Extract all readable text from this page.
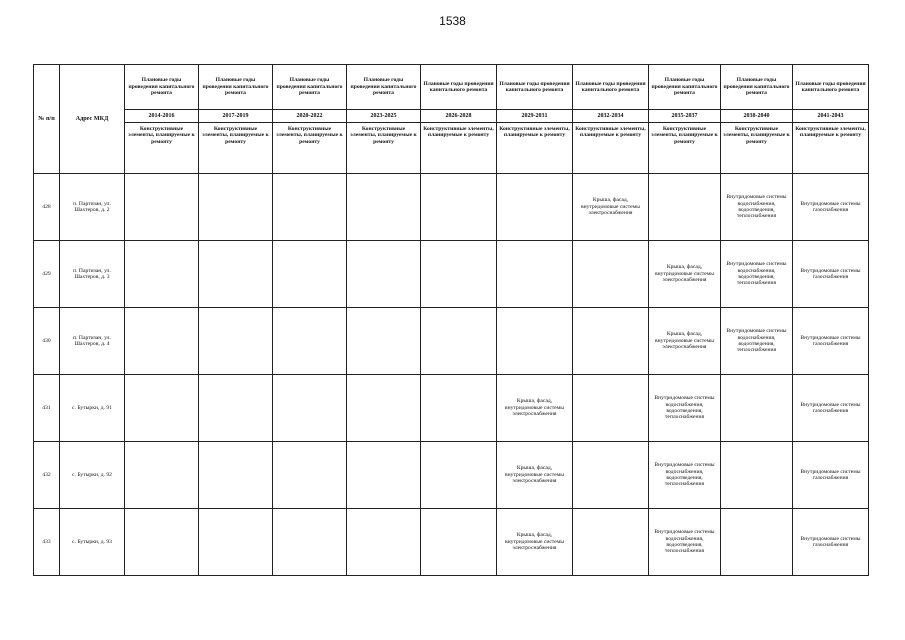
1538
№ п/п	Адрес МКД	Плановые годы проведения капитального ремонта	Плановые годы проведения капитального ремонта	Плановые годы проведения капитального ремонта	Плановые годы проведения капитального ремонта	Плановые годы проведения капитального ремонта	Плановые годы проведения капитального ремонта	Плановые годы проведения капитального ремонта	Плановые годы проведения капитального ремонта	Плановые годы проведения капитального ремонта	Плановые годы проведения капитального ремонта
		2014-2016	2017-2019	2020-2022	2023-2025	2026-2028	2029-2031	2032-2034	2035-2037	2038-2040	2041-2043
		Конструктивные элементы, планируемые к ремонту	Конструктивные элементы, планируемые к ремонту	Конструктивные элементы, планируемые к ремонту	Конструктивные элементы, планируемые к ремонту	Конструктивные элементы, планируемые к ремонту	Конструктивные элементы, планируемые к ремонту	Конструктивные элементы, планируемые к ремонту	Конструктивные элементы, планируемые к ремонту	Конструктивные элементы, планируемые к ремонту	Конструктивные элементы, планируемые к ремонту
428	п. Партизан, ул. Шахтеров, д. 2							Крыша, фасад, внутридомовые системы электроснабжения		Внутридомовые системы водоснабжения, водоотведения, теплоснабжения	Внутридомовые системы газоснабжения
429	п. Партизан, ул. Шахтеров, д. 3								Крыша, фасад, внутридомовые системы электроснабжения	Внутридомовые системы водоснабжения, водоотведения, теплоснабжения	Внутридомовые системы газоснабжения
430	п. Партизан, ул. Шахтеров, д. 4								Крыша, фасад, внутридомовые системы электроснабжения	Внутридомовые системы водоснабжения, водоотведения, теплоснабжения	Внутридомовые системы газоснабжения
431	с. Бутырки, д. 91						Крыша, фасад, внутридомовые системы электроснабжения		Внутридомовые системы водоснабжения, водоотведения, теплоснабжения		Внутридомовые системы газоснабжения
432	с. Бутырки, д. 92						Крыша, фасад, внутридомовые системы электроснабжения		Внутридомовые системы водоснабжения, водоотведения, теплоснабжения		Внутридомовые системы газоснабжения
433	с. Бутырки, д. 93						Крыша, фасад, внутридомовые системы электроснабжения		Внутридомовые системы водоснабжения, водоотведения, теплоснабжения		Внутридомовые системы газоснабжения
